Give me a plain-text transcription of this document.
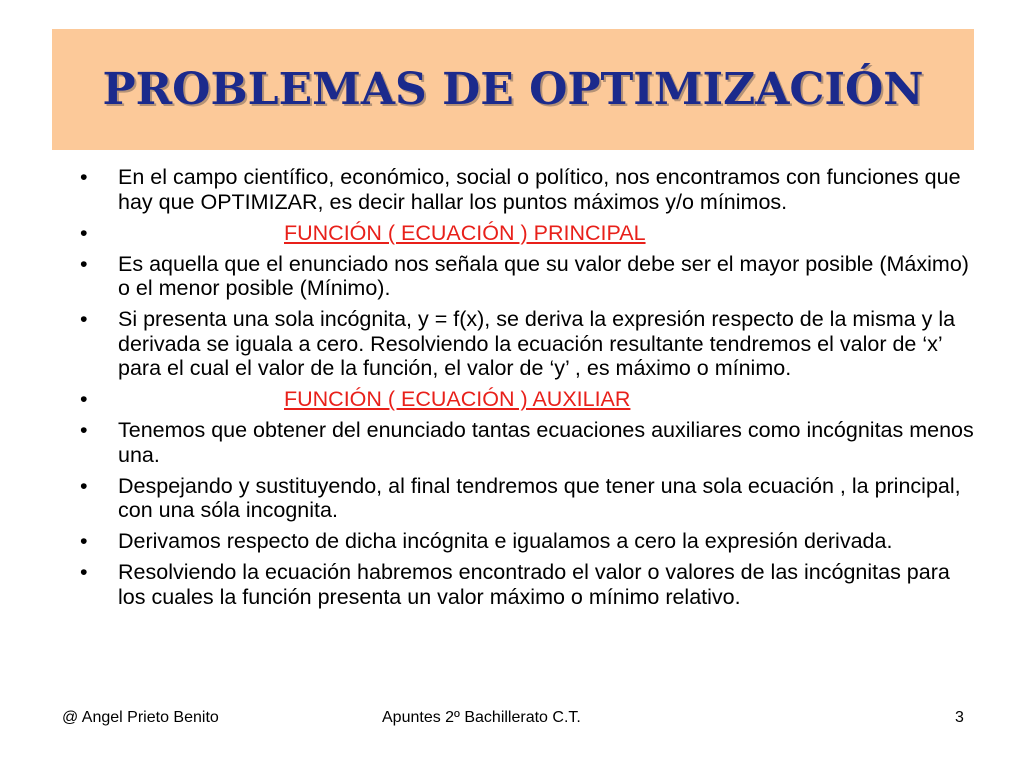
PROBLEMAS DE OPTIMIZACIÓN
• En el campo científico, económico, social o político, nos encontramos con funciones que hay que OPTIMIZAR, es decir hallar los puntos máximos y/o mínimos.
•	FUNCIÓN ( ECUACIÓN ) PRINCIPAL
• Es aquella que el enunciado nos señala que su valor debe ser el mayor posible (Máximo) o el menor posible (Mínimo).
• Si presenta una sola incógnita, y = f(x), se deriva la expresión respecto de la misma y la derivada se iguala a cero. Resolviendo la ecuación resultante tendremos el valor de ‘x’ para el cual el valor de la función, el valor de ‘y’ , es máximo o mínimo.
•	FUNCIÓN ( ECUACIÓN ) AUXILIAR
• Tenemos que obtener del enunciado tantas ecuaciones auxiliares como incógnitas menos una.
• Despejando y sustituyendo, al final tendremos que tener una sola ecuación , la principal, con una sóla incognita.
• Derivamos respecto de dicha incógnita e igualamos a cero la expresión derivada.
• Resolviendo la ecuación habremos encontrado el valor o valores de las incógnitas para los cuales la función presenta un valor máximo o mínimo relativo.
@ Angel Prieto Benito	Apuntes 2º Bachillerato C.T.	3
